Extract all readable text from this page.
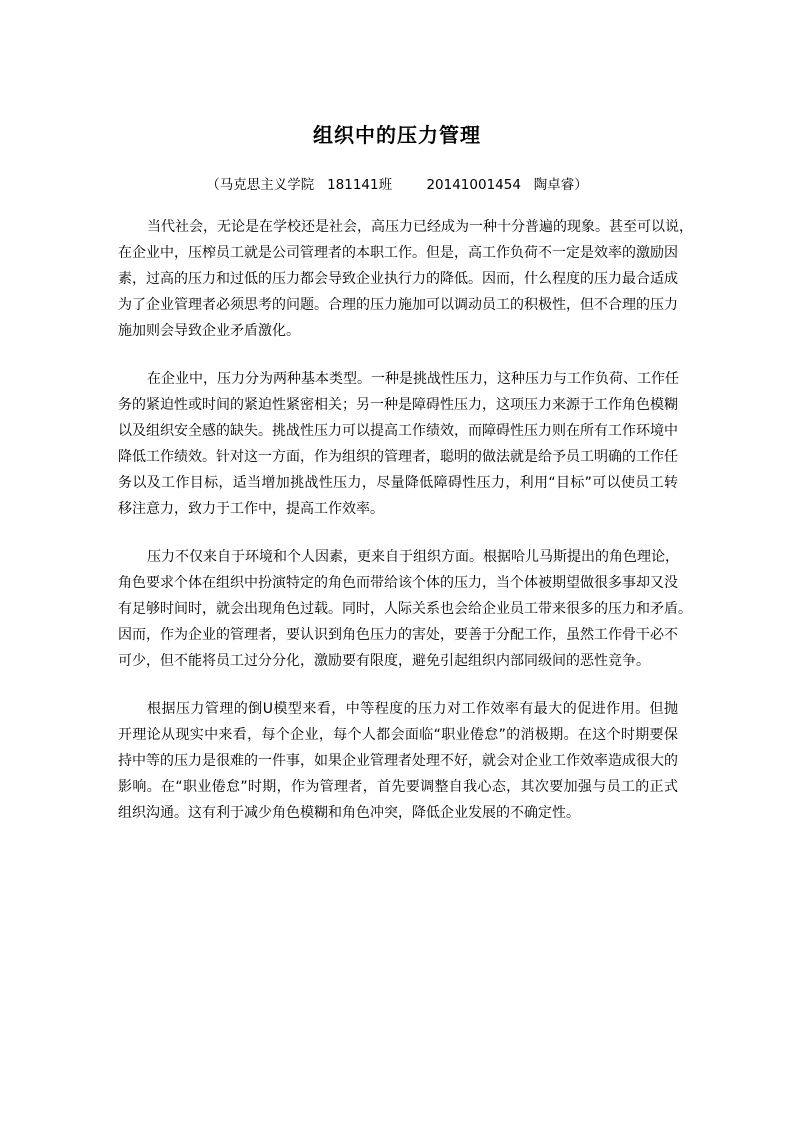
组织中的压力管理
（马克思主义学院   181141班        20141001454   陶卓睿）

当代社会，无论是在学校还是社会，高压力已经成为一种十分普遍的现象。甚至可以说，
在企业中，压榨员工就是公司管理者的本职工作。但是，高工作负荷不一定是效率的激励因
素，过高的压力和过低的压力都会导致企业执行力的降低。因而，什么程度的压力最合适成
为了企业管理者必须思考的问题。合理的压力施加可以调动员工的积极性，但不合理的压力
施加则会导致企业矛盾激化。

在企业中，压力分为两种基本类型。一种是挑战性压力，这种压力与工作负荷、工作任
务的紧迫性或时间的紧迫性紧密相关；另一种是障碍性压力，这项压力来源于工作角色模糊
以及组织安全感的缺失。挑战性压力可以提高工作绩效，而障碍性压力则在所有工作环境中
降低工作绩效。针对这一方面，作为组织的管理者，聪明的做法就是给予员工明确的工作任
务以及工作目标，适当增加挑战性压力，尽量降低障碍性压力，利用“目标”可以使员工转
移注意力，致力于工作中，提高工作效率。

压力不仅来自于环境和个人因素，更来自于组织方面。根据哈儿马斯提出的角色理论，
角色要求个体在组织中扮演特定的角色而带给该个体的压力，当个体被期望做很多事却又没
有足够时间时，就会出现角色过载。同时，人际关系也会给企业员工带来很多的压力和矛盾。
因而，作为企业的管理者，要认识到角色压力的害处，要善于分配工作，虽然工作骨干必不
可少，但不能将员工过分分化，激励要有限度，避免引起组织内部同级间的恶性竞争。

根据压力管理的倒U模型来看，中等程度的压力对工作效率有最大的促进作用。但抛
开理论从现实中来看，每个企业，每个人都会面临“职业倦怠”的消极期。在这个时期要保
持中等的压力是很难的一件事，如果企业管理者处理不好，就会对企业工作效率造成很大的
影响。在“职业倦怠”时期，作为管理者，首先要调整自我心态，其次要加强与员工的正式
组织沟通。这有利于减少角色模糊和角色冲突，降低企业发展的不确定性。
